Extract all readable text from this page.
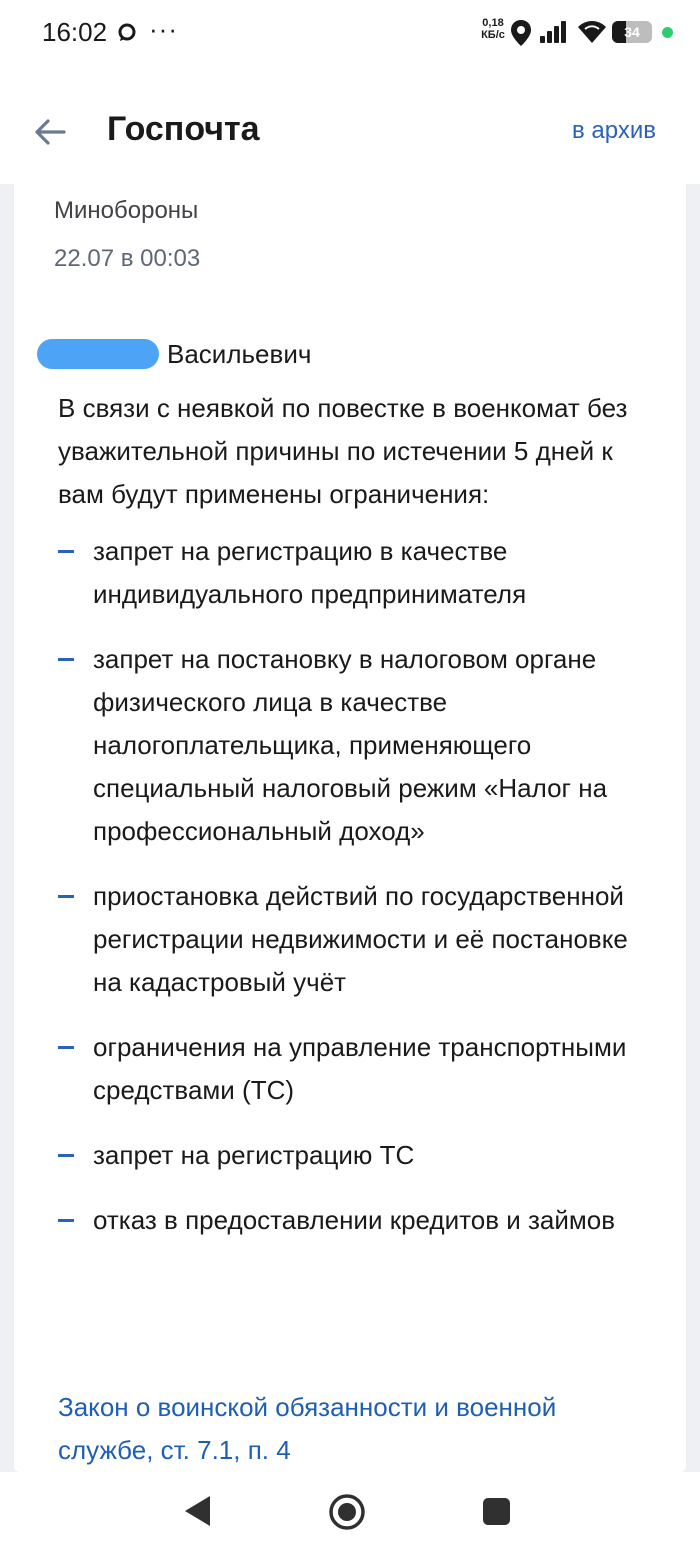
16:02 ···	0,18
КБ/с	34
Госпочта	в архив
Минобороны
22.07 в 00:03
Васильевич
В связи с неявкой по повестке в военкомат без уважительной причины по истечении 5 дней к вам будут применены ограничения:
запрет на регистрацию в качестве индивидуального предпринимателя
запрет на постановку в налоговом органе физического лица в качестве налогоплательщика, применяющего специальный налоговый режим «Налог на профессиональный доход»
приостановка действий по государственной регистрации недвижимости и её постановке на кадастровый учёт
ограничения на управление транспортными средствами (ТС)
запрет на регистрацию ТС
отказ в предоставлении кредитов и займов
Закон о воинской обязанности и военной службе, ст. 7.1, п. 4
